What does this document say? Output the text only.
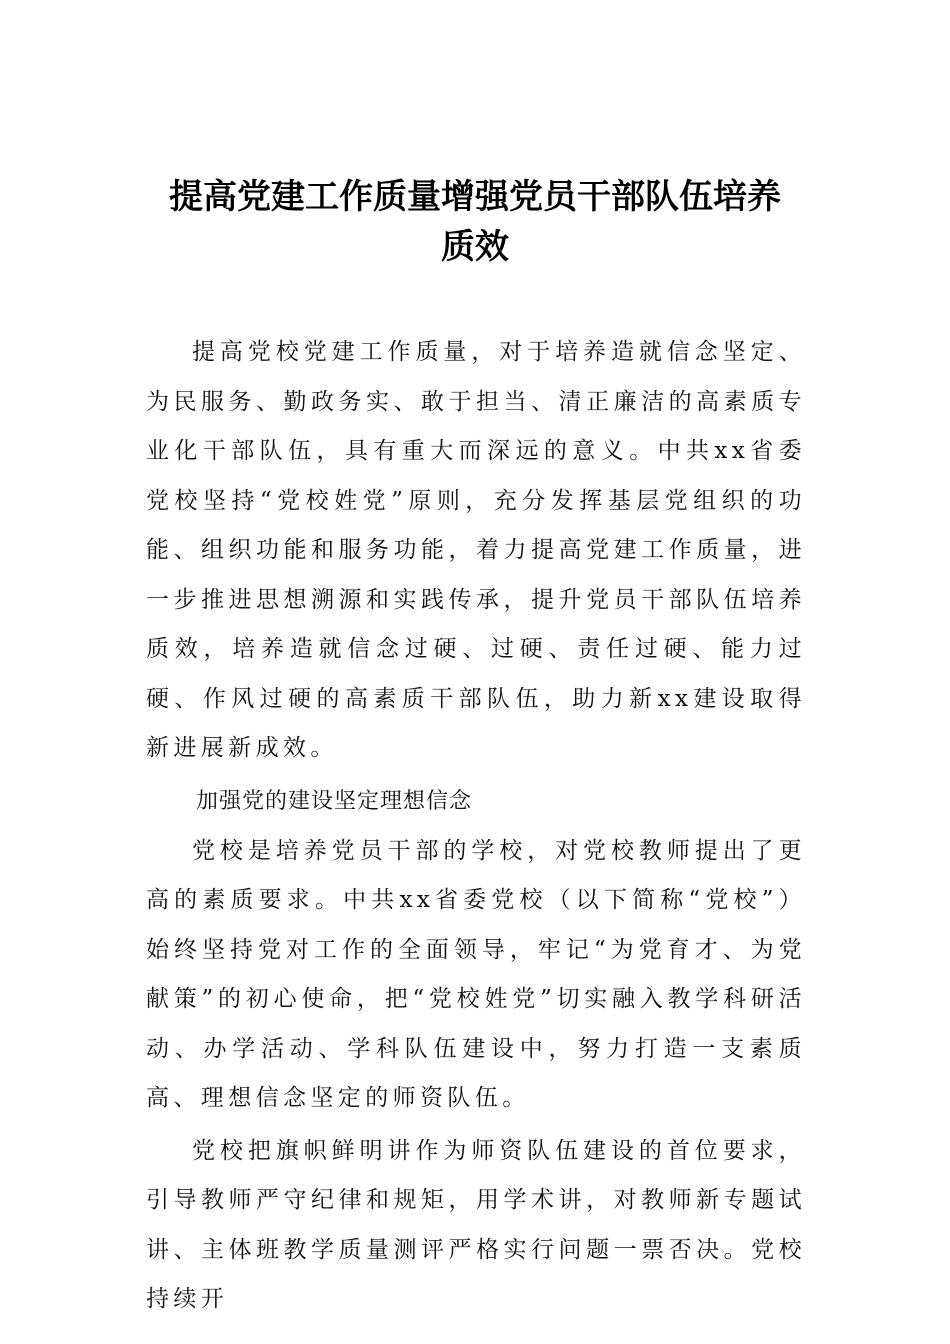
提高党建工作质量增强党员干部队伍培养
质效

提高党校党建工作质量，对于培养造就信念坚定、为民服务、勤政务实、敢于担当、清正廉洁的高素质专业化干部队伍，具有重大而深远的意义。中共xx省委党校坚持“党校姓党”原则，充分发挥基层党组织的功能、组织功能和服务功能，着力提高党建工作质量，进一步推进思想溯源和实践传承，提升党员干部队伍培养质效，培养造就信念过硬、过硬、责任过硬、能力过硬、作风过硬的高素质干部队伍，助力新xx建设取得新进展新成效。

加强党的建设坚定理想信念

党校是培养党员干部的学校，对党校教师提出了更高的素质要求。中共xx省委党校（以下简称“党校”）始终坚持党对工作的全面领导，牢记“为党育才、为党献策”的初心使命，把“党校姓党”切实融入教学科研活动、办学活动、学科队伍建设中，努力打造一支素质高、理想信念坚定的师资队伍。

党校把旗帜鲜明讲作为师资队伍建设的首位要求，引导教师严守纪律和规矩，用学术讲，对教师新专题试讲、主体班教学质量测评严格实行问题一票否决。党校持续开
